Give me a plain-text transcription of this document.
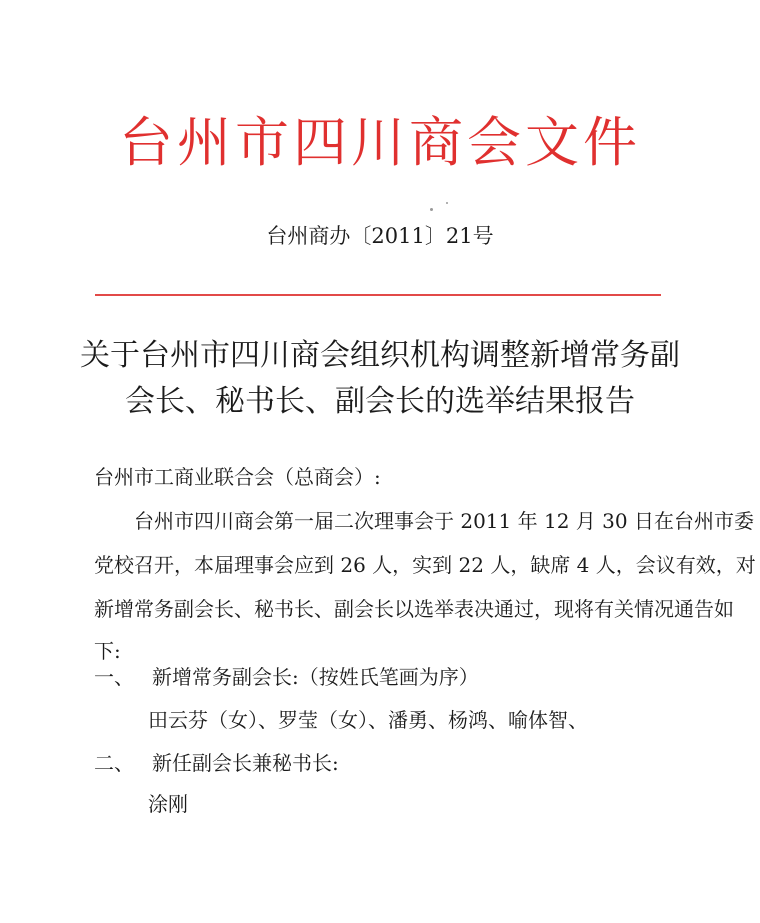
台州市四川商会文件
台州商办〔2011〕21号
关于台州市四川商会组织机构调整新增常务副
会长、秘书长、副会长的选举结果报告
台州市工商业联合会（总商会）:
台州市四川商会第一届二次理事会于 2011 年 12 月 30 日在台州市委
党校召开，本届理事会应到 26 人，实到 22 人，缺席 4 人，会议有效，对
新增常务副会长、秘书长、副会长以选举表决通过，现将有关情况通告如
下:
一、 新增常务副会长:（按姓氏笔画为序）
田云芬（女）、罗莹（女）、潘勇、杨鸿、喻体智、
二、 新任副会长兼秘书长:
涂刚
